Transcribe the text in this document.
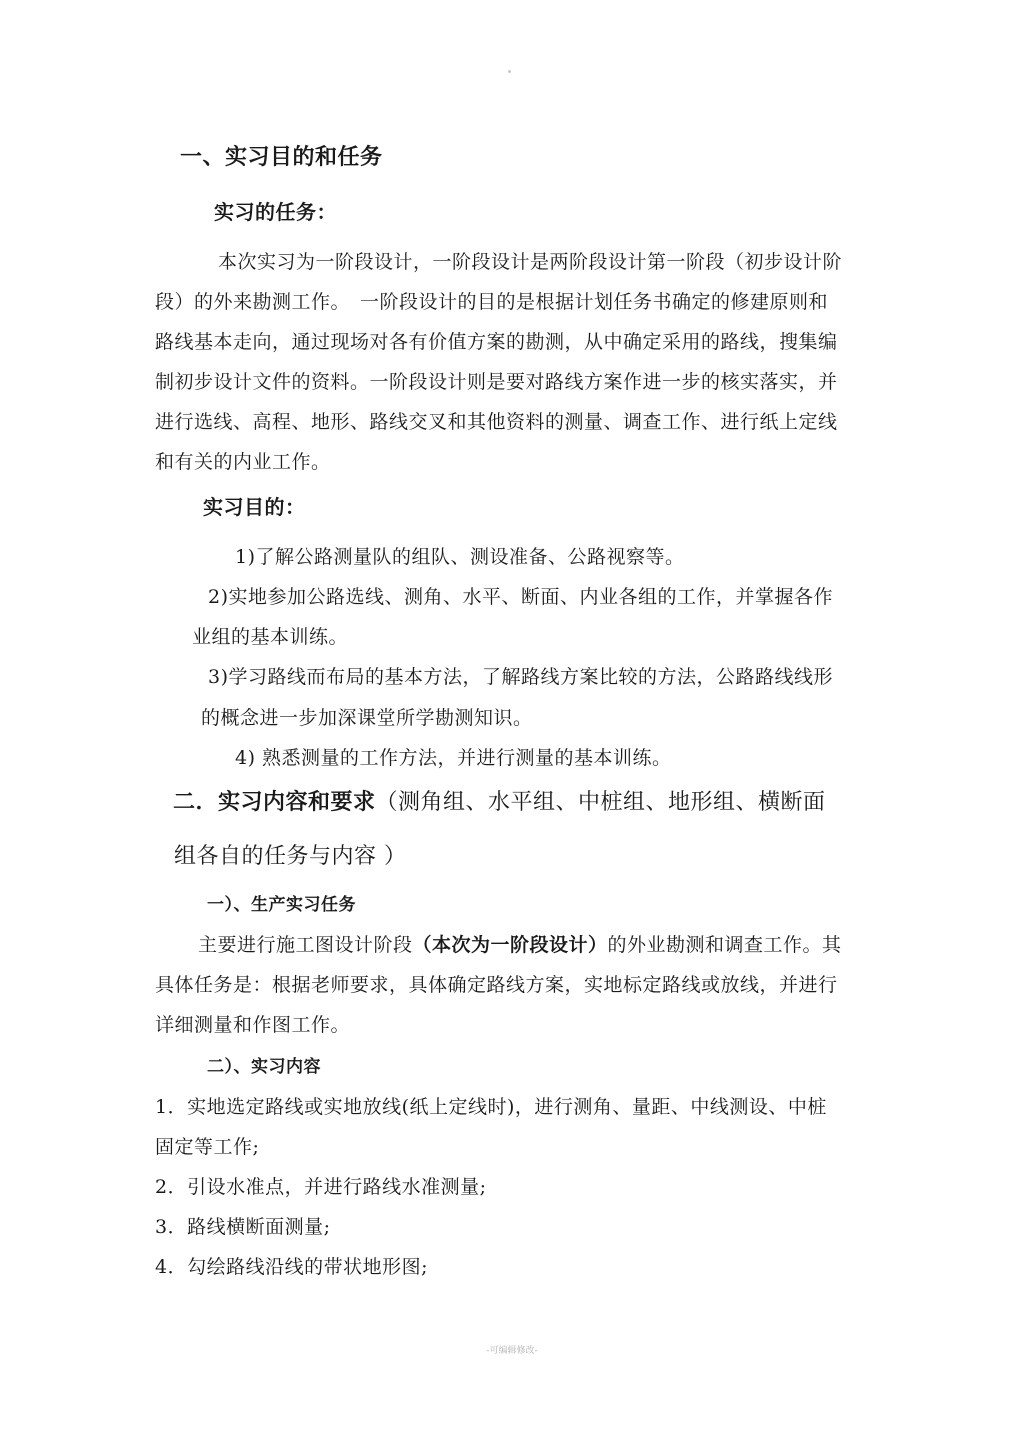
一、实习目的和任务
实习的任务：
本次实习为一阶段设计，一阶段设计是两阶段设计第一阶段（初步设计阶
段）的外来勘测工作。　一阶段设计的目的是根据计划任务书确定的修建原则和
路线基本走向，通过现场对各有价值方案的勘测，从中确定采用的路线，搜集编
制初步设计文件的资料。一阶段设计则是要对路线方案作进一步的核实落实，并
进行选线、高程、地形、路线交叉和其他资料的测量、调查工作、进行纸上定线
和有关的内业工作。
实习目的：
1)了解公路测量队的组队、测设准备、公路视察等。
2)实地参加公路选线、测角、水平、断面、内业各组的工作，并掌握各作
业组的基本训练。
3)学习路线而布局的基本方法，了解路线方案比较的方法，公路路线线形
的概念进一步加深课堂所学勘测知识。
4) 熟悉测量的工作方法，并进行测量的基本训练。
二．实习内容和要求（测角组、水平组、中桩组、地形组、横断面
组各自的任务与内容 ）
一）、生产实习任务
主要进行施工图设计阶段（本次为一阶段设计）的外业勘测和调查工作。其
具体任务是：根据老师要求，具体确定路线方案，实地标定路线或放线，并进行
详细测量和作图工作。
二）、实习内容
1．实地选定路线或实地放线(纸上定线时)，进行测角、量距、中线测设、中桩
固定等工作;
2．引设水准点，并进行路线水准测量;
3．路线横断面测量;
4．勾绘路线沿线的带状地形图;
-可编辑修改-
